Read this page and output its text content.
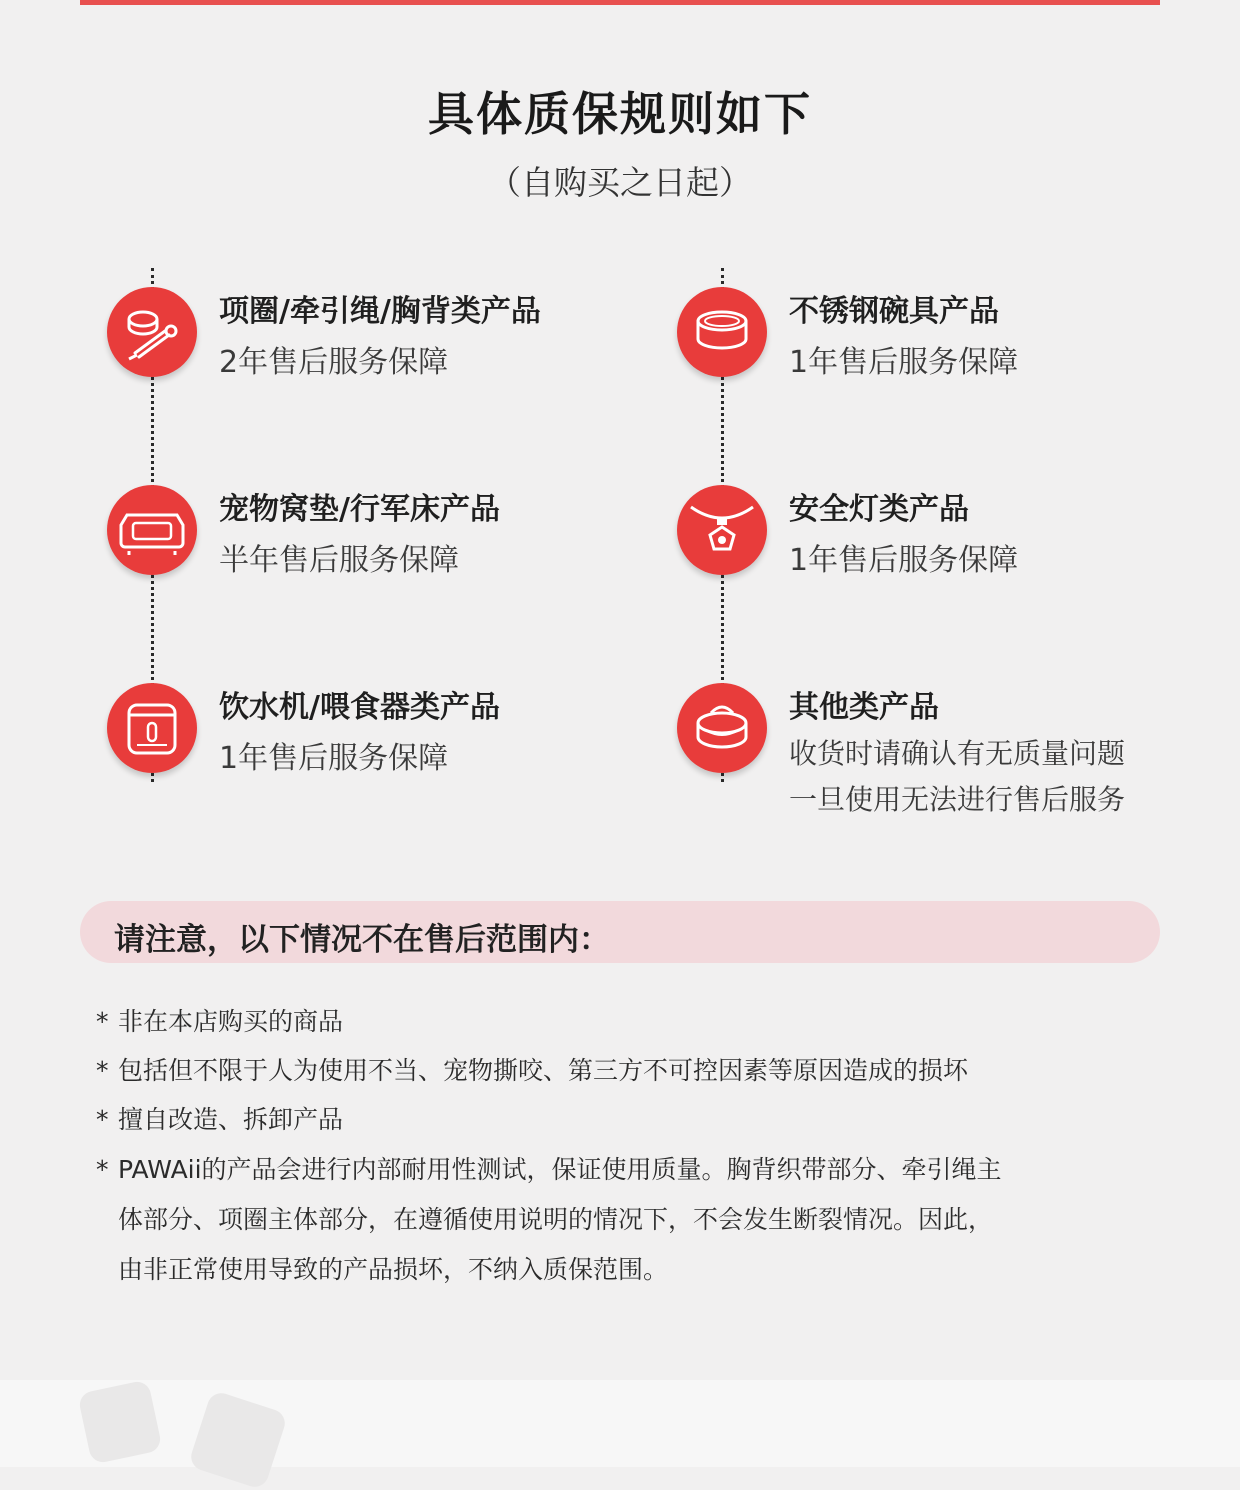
具体质保规则如下
（自购买之日起）
项圈/牵引绳/胸背类产品
2年售后服务保障
不锈钢碗具产品
1年售后服务保障
宠物窝垫/行军床产品
半年售后服务保障
安全灯类产品
1年售后服务保障
饮水机/喂食器类产品
1年售后服务保障
其他类产品
收货时请确认有无质量问题
一旦使用无法进行售后服务
请注意，以下情况不在售后范围内：
* 非在本店购买的商品
* 包括但不限于人为使用不当、宠物撕咬、第三方不可控因素等原因造成的损坏
* 擅自改造、拆卸产品
* PAWAii的产品会进行内部耐用性测试，保证使用质量。胸背织带部分、牵引绳主
体部分、项圈主体部分，在遵循使用说明的情况下，不会发生断裂情况。因此，
由非正常使用导致的产品损坏，不纳入质保范围。
